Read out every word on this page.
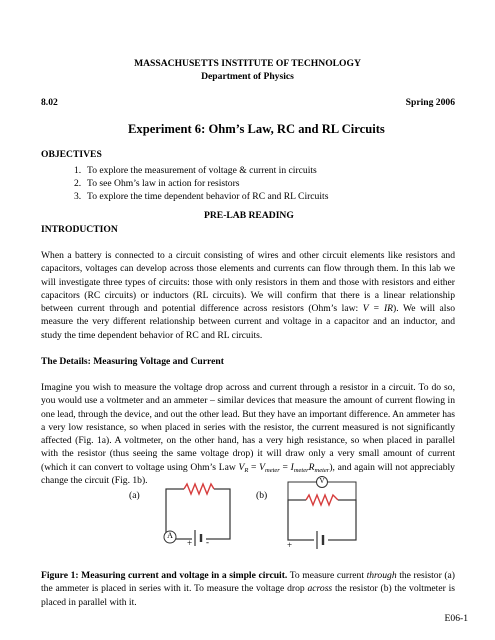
MASSACHUSETTS INSTITUTE OF TECHNOLOGY
Department of Physics
8.02	Spring 2006
Experiment 6: Ohm’s Law, RC and RL Circuits
OBJECTIVES
1. To explore the measurement of voltage & current in circuits
2. To see Ohm’s law in action for resistors
3. To explore the time dependent behavior of RC and RL Circuits
PRE-LAB READING
INTRODUCTION
When a battery is connected to a circuit consisting of wires and other circuit elements like resistors and capacitors, voltages can develop across those elements and currents can flow through them. In this lab we will investigate three types of circuits: those with only resistors in them and those with resistors and either capacitors (RC circuits) or inductors (RL circuits). We will confirm that there is a linear relationship between current through and potential difference across resistors (Ohm’s law: V = IR). We will also measure the very different relationship between current and voltage in a capacitor and an inductor, and study the time dependent behavior of RC and RL circuits.
The Details: Measuring Voltage and Current
Imagine you wish to measure the voltage drop across and current through a resistor in a circuit. To do so, you would use a voltmeter and an ammeter – similar devices that measure the amount of current flowing in one lead, through the device, and out the other lead. But they have an important difference. An ammeter has a very low resistance, so when placed in series with the resistor, the current measured is not significantly affected (Fig. 1a). A voltmeter, on the other hand, has a very high resistance, so when placed in parallel with the resistor (thus seeing the same voltage drop) it will draw only a very small amount of current (which it can convert to voltage using Ohm’s Law $V_R = V_{meter} = I_{meter}R_{meter}$), and again will not appreciably change the circuit (Fig. 1b).
(a)	(b)
A
+ -
V
+
Figure 1: Measuring current and voltage in a simple circuit. To measure current through the resistor (a) the ammeter is placed in series with it. To measure the voltage drop across the resistor (b) the voltmeter is placed in parallel with it.
E06-1
